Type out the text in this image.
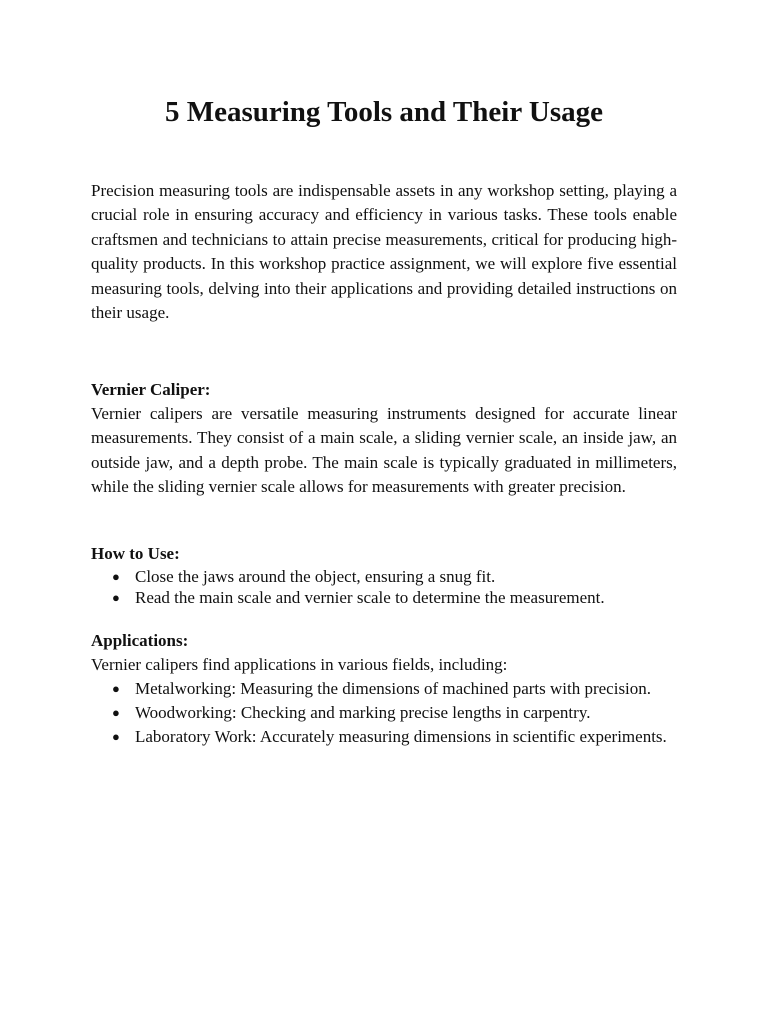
5 Measuring Tools and Their Usage

Precision measuring tools are indispensable assets in any workshop setting, playing a crucial role in ensuring accuracy and efficiency in various tasks. These tools enable craftsmen and technicians to attain precise measurements, critical for producing high-quality products. In this workshop practice assignment, we will explore five essential measuring tools, delving into their applications and providing detailed instructions on their usage.

Vernier Caliper:

Vernier calipers are versatile measuring instruments designed for accurate linear measurements. They consist of a main scale, a sliding vernier scale, an inside jaw, an outside jaw, and a depth probe. The main scale is typically graduated in millimeters, while the sliding vernier scale allows for measurements with greater precision.

How to Use:

● Close the jaws around the object, ensuring a snug fit.
● Read the main scale and vernier scale to determine the measurement.

Applications:

Vernier calipers find applications in various fields, including:

● Metalworking: Measuring the dimensions of machined parts with precision.
● Woodworking: Checking and marking precise lengths in carpentry.
● Laboratory Work: Accurately measuring dimensions in scientific experiments.
